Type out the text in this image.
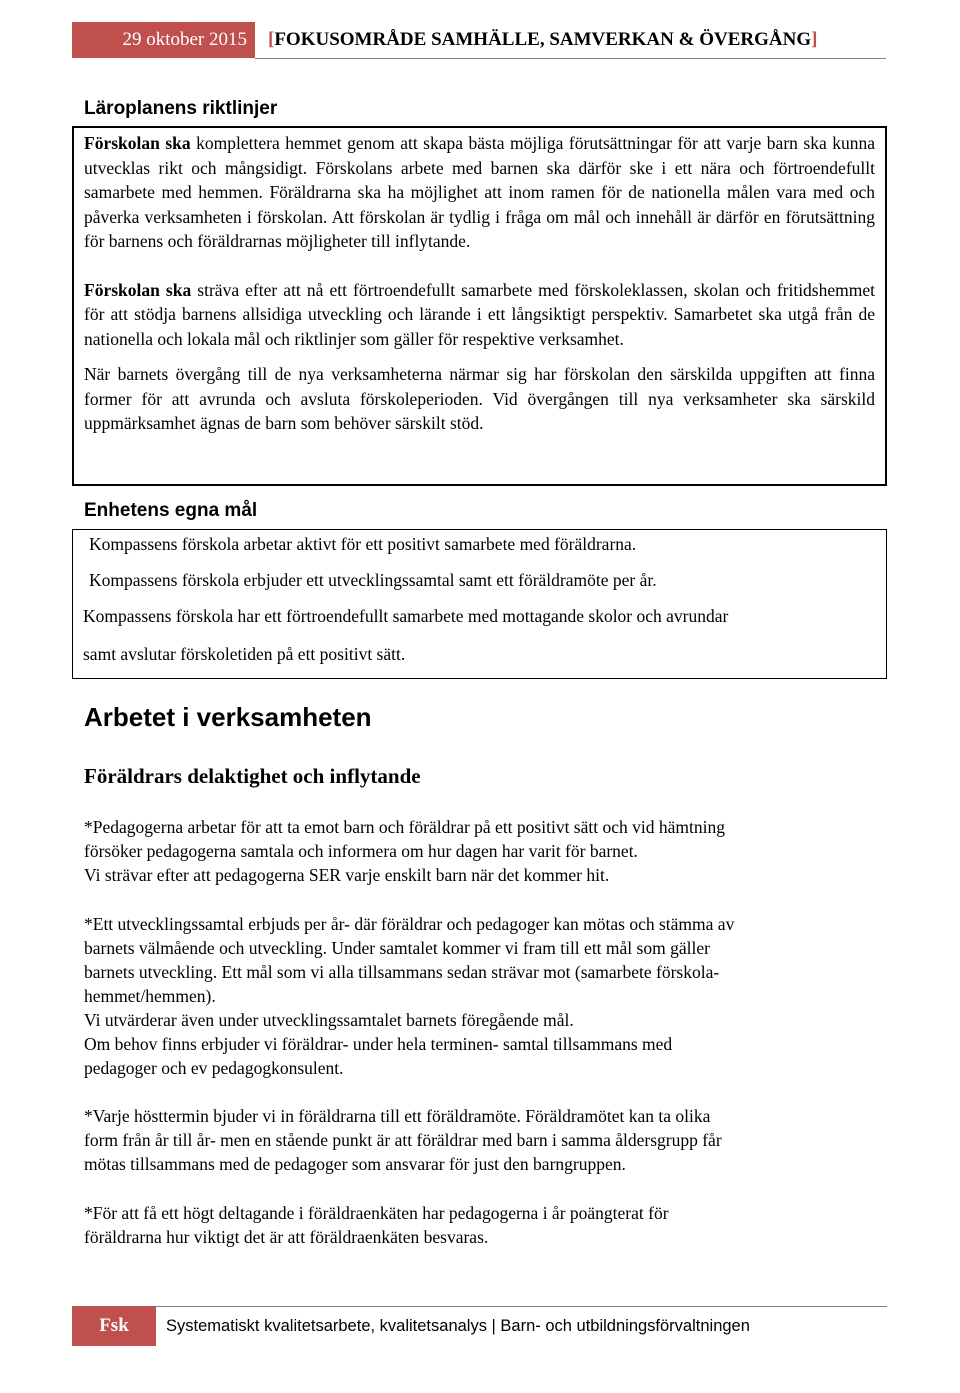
29 oktober 2015	[FOKUSOMRÅDE SAMHÄLLE, SAMVERKAN & ÖVERGÅNG]
Läroplanens riktlinjer

Förskolan ska komplettera hemmet genom att skapa bästa möjliga förutsättningar för att varje barn ska kunna utvecklas rikt och mångsidigt. Förskolans arbete med barnen ska därför ske i ett nära och förtroendefullt samarbete med hemmen. Föräldrarna ska ha möjlighet att inom ramen för de nationella målen vara med och påverka verksamheten i förskolan. Att förskolan är tydlig i fråga om mål och innehåll är därför en förutsättning för barnens och föräldrarnas möjligheter till inflytande.

Förskolan ska sträva efter att nå ett förtroendefullt samarbete med förskoleklassen, skolan och fritidshemmet för att stödja barnens allsidiga utveckling och lärande i ett långsiktigt perspektiv. Samarbetet ska utgå från de nationella och lokala mål och riktlinjer som gäller för respektive verksamhet.

När barnets övergång till de nya verksamheterna närmar sig har förskolan den särskilda uppgiften att finna former för att avrunda och avsluta förskoleperioden. Vid övergången till nya verksamheter ska särskild uppmärksamhet ägnas de barn som behöver särskilt stöd.

Enhetens egna mål
Kompassens förskola arbetar aktivt för ett positivt samarbete med föräldrarna.
Kompassens förskola erbjuder ett utvecklingssamtal samt ett föräldramöte per år.
Kompassens förskola har ett förtroendefullt samarbete med mottagande skolor och avrundar
samt avslutar förskoletiden på ett positivt sätt.
Arbetet i verksamheten
Föräldrars delaktighet och inflytande
*Pedagogerna arbetar för att ta emot barn och föräldrar på ett positivt sätt och vid hämtning
försöker pedagogerna samtala och informera om hur dagen har varit för barnet.
Vi strävar efter att pedagogerna SER varje enskilt barn när det kommer hit.
*Ett utvecklingssamtal erbjuds per år- där föräldrar och pedagoger kan mötas och stämma av
barnets välmående och utveckling. Under samtalet kommer vi fram till ett mål som gäller
barnets utveckling. Ett mål som vi alla tillsammans sedan strävar mot (samarbete förskola-
hemmet/hemmen).
Vi utvärderar även under utvecklingssamtalet barnets föregående mål.
Om behov finns erbjuder vi föräldrar- under hela terminen- samtal tillsammans med
pedagoger och ev pedagogkonsulent.
*Varje hösttermin bjuder vi in föräldrarna till ett föräldramöte. Föräldramötet kan ta olika
form från år till år- men en stående punkt är att föräldrar med barn i samma åldersgrupp får
mötas tillsammans med de pedagoger som ansvarar för just den barngruppen.
*För att få ett högt deltagande i föräldraenkäten har pedagogerna i år poängterat för
föräldrarna hur viktigt det är att föräldraenkäten besvaras.
Fsk	Systematiskt kvalitetsarbete, kvalitetsanalys | Barn- och utbildningsförvaltningen
